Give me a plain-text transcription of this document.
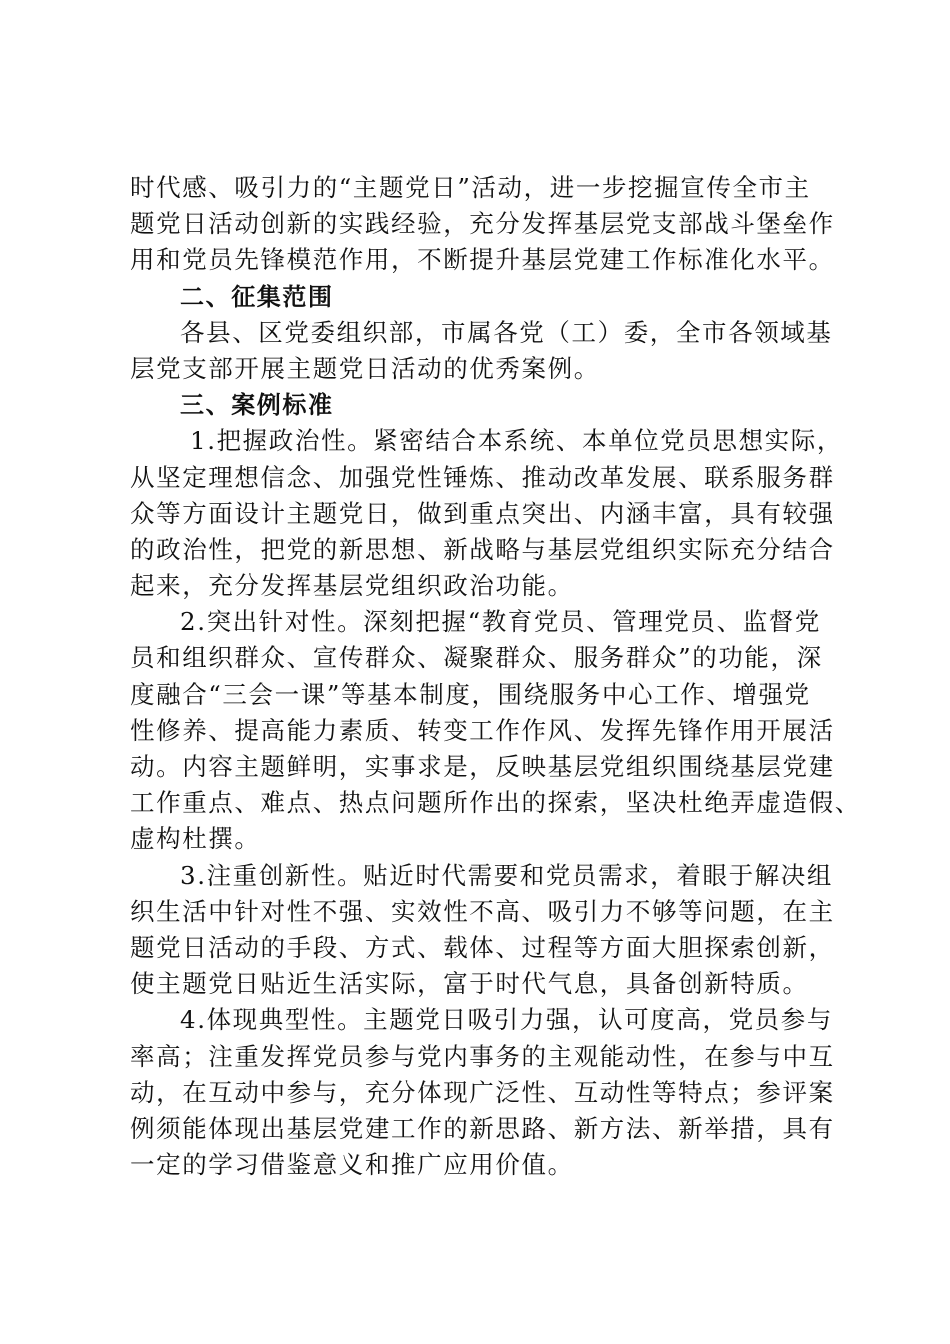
时代感、吸引力的“主题党日”活动，进一步挖掘宣传全市主
题党日活动创新的实践经验，充分发挥基层党支部战斗堡垒作
用和党员先锋模范作用，不断提升基层党建工作标准化水平。
二、征集范围
各县、区党委组织部，市属各党（工）委，全市各领域基
层党支部开展主题党日活动的优秀案例。
三、案例标准
1.把握政治性。紧密结合本系统、本单位党员思想实际，
从坚定理想信念、加强党性锤炼、推动改革发展、联系服务群
众等方面设计主题党日，做到重点突出、内涵丰富，具有较强
的政治性，把党的新思想、新战略与基层党组织实际充分结合
起来，充分发挥基层党组织政治功能。
2.突出针对性。深刻把握“教育党员、管理党员、监督党
员和组织群众、宣传群众、凝聚群众、服务群众”的功能，深
度融合“三会一课”等基本制度，围绕服务中心工作、增强党
性修养、提高能力素质、转变工作作风、发挥先锋作用开展活
动。内容主题鲜明，实事求是，反映基层党组织围绕基层党建
工作重点、难点、热点问题所作出的探索，坚决杜绝弄虚造假、
虚构杜撰。
3.注重创新性。贴近时代需要和党员需求，着眼于解决组
织生活中针对性不强、实效性不高、吸引力不够等问题，在主
题党日活动的手段、方式、载体、过程等方面大胆探索创新，
使主题党日贴近生活实际，富于时代气息，具备创新特质。
4.体现典型性。主题党日吸引力强，认可度高，党员参与
率高；注重发挥党员参与党内事务的主观能动性，在参与中互
动，在互动中参与，充分体现广泛性、互动性等特点；参评案
例须能体现出基层党建工作的新思路、新方法、新举措，具有
一定的学习借鉴意义和推广应用价值。
